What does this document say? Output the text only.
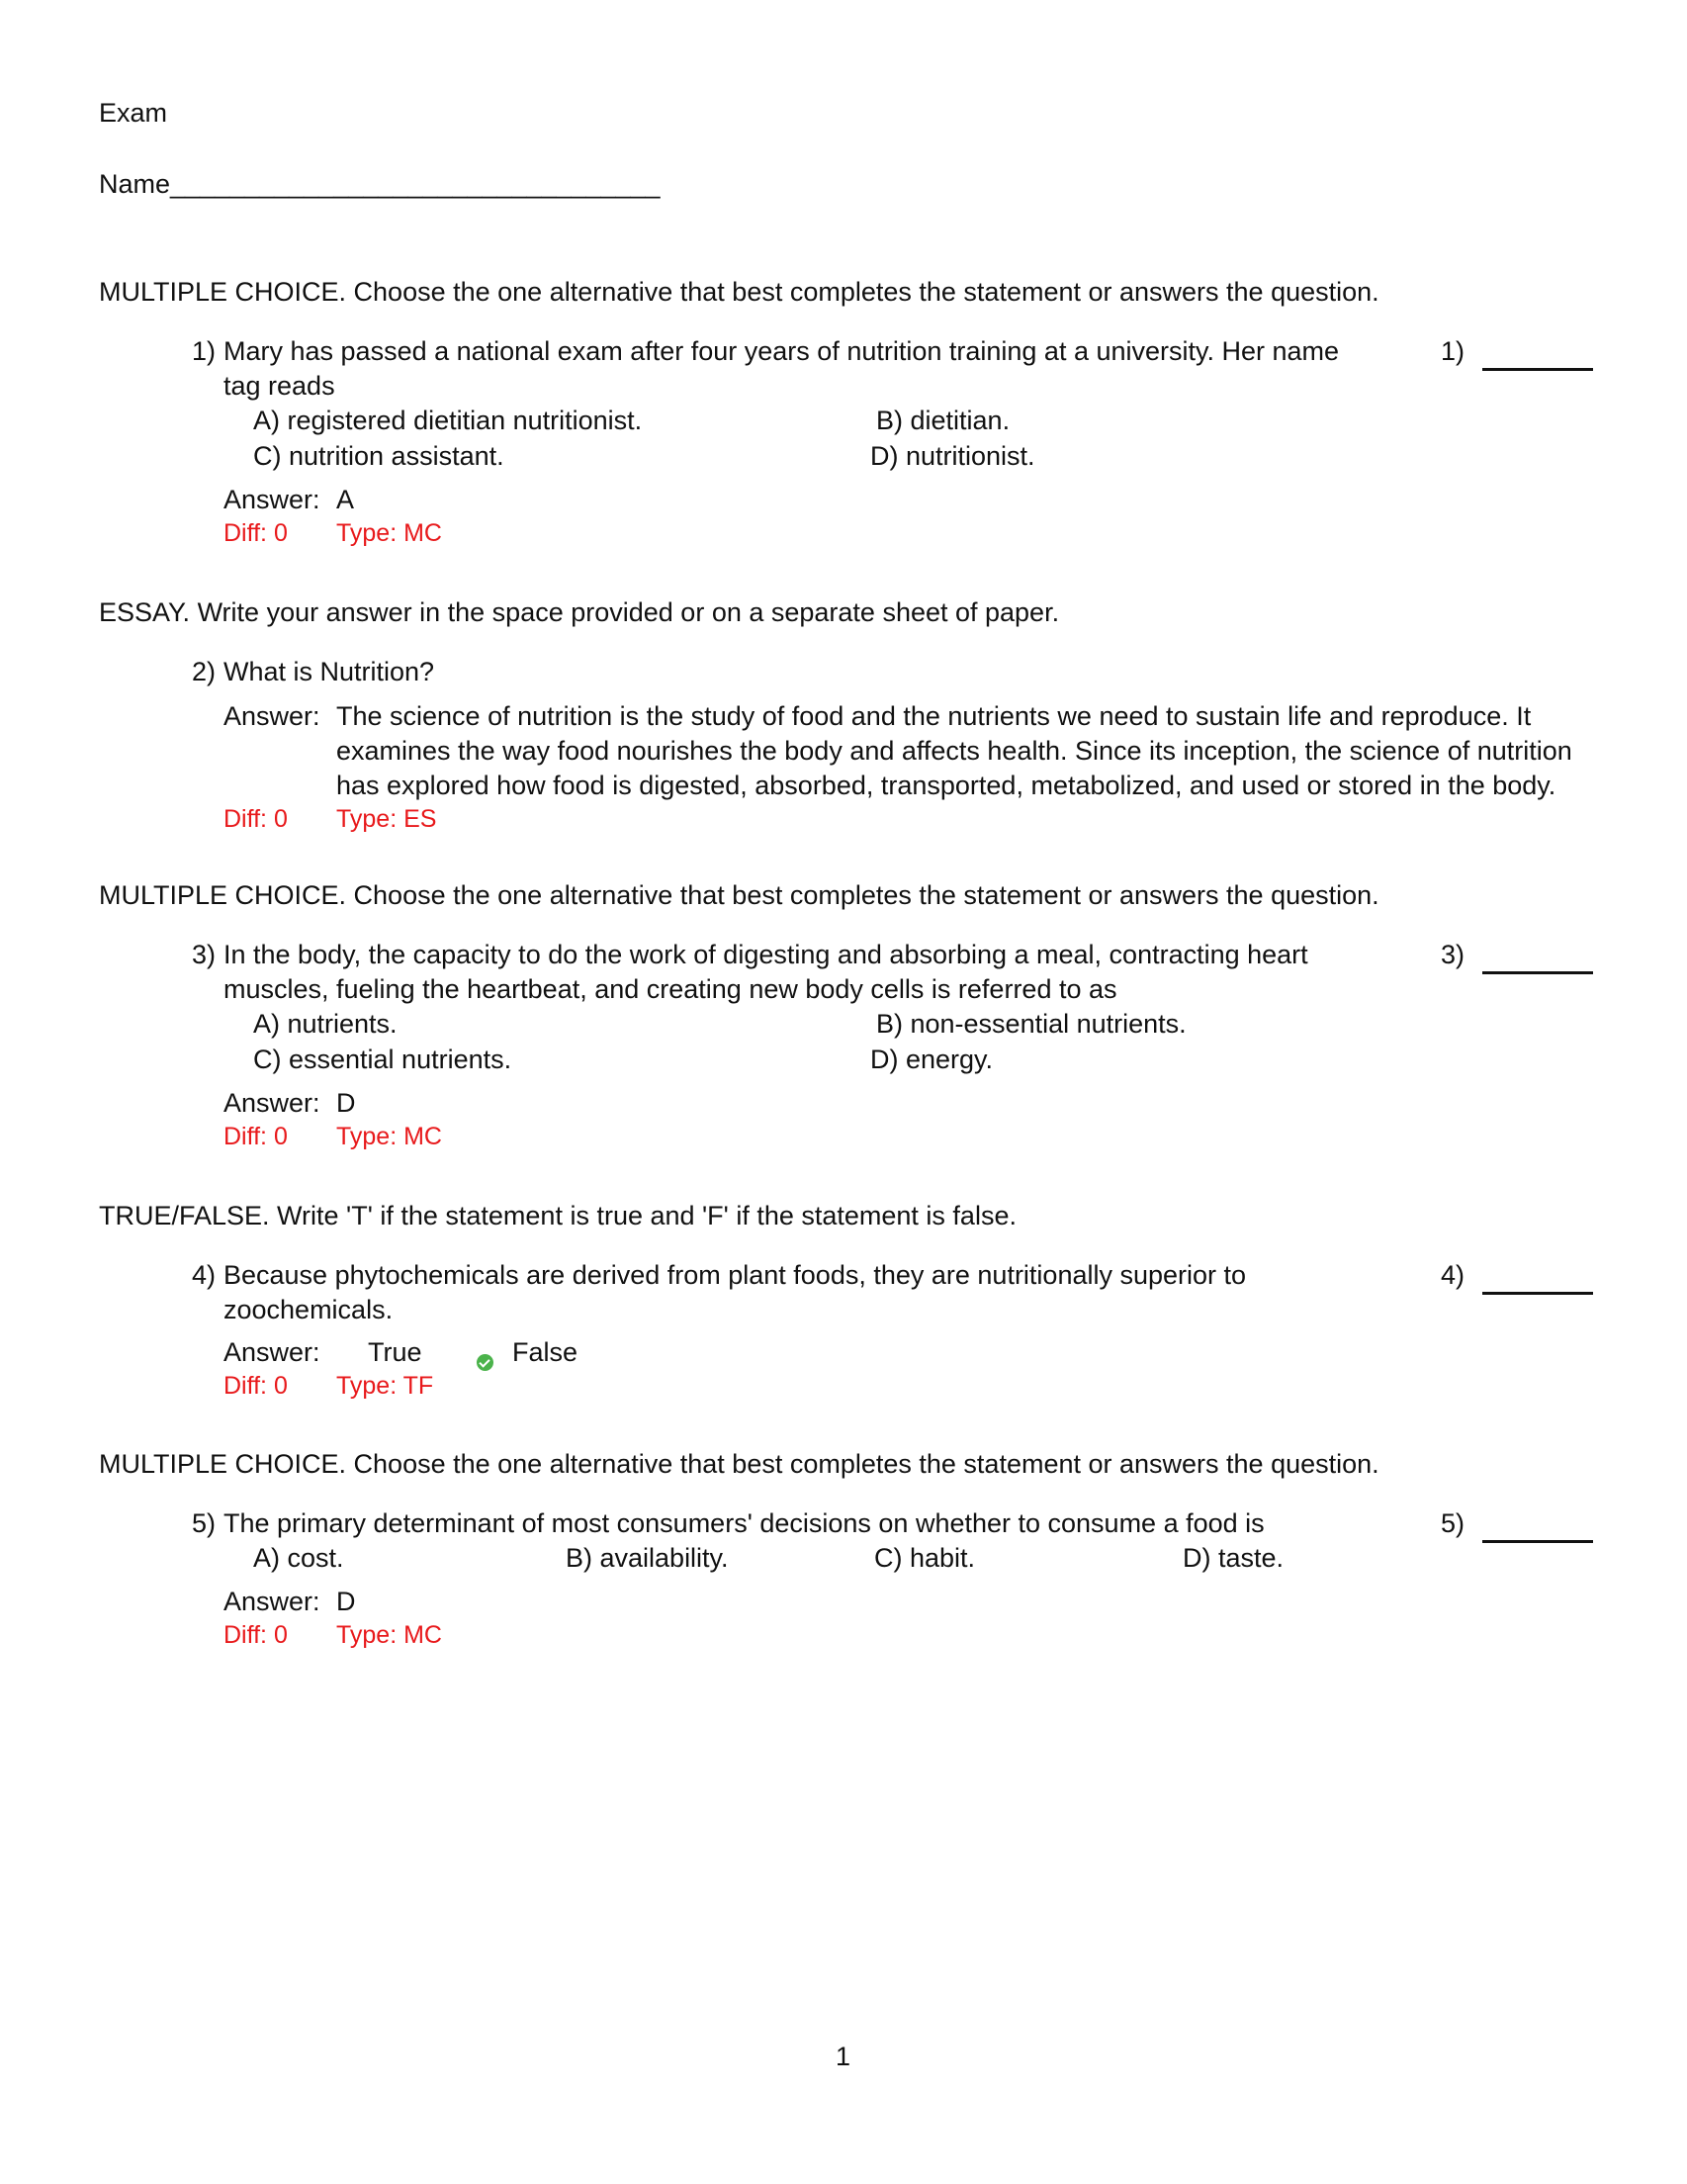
Exam
Name_________________________________
MULTIPLE CHOICE. Choose the one alternative that best completes the statement or answers the question.
1) Mary has passed a national exam after four years of nutrition training at a university. Her name
tag reads
1)
A) registered dietitian nutritionist.	B) dietitian.
C) nutrition assistant.	D) nutritionist.
Answer: A
Diff: 0 Type: MC
ESSAY. Write your answer in the space provided or on a separate sheet of paper.
2) What is Nutrition?
Answer: The science of nutrition is the study of food and the nutrients we need to sustain life and reproduce. It
examines the way food nourishes the body and affects health. Since its inception, the science of nutrition
has explored how food is digested, absorbed, transported, metabolized, and used or stored in the body.
Diff: 0 Type: ES
MULTIPLE CHOICE. Choose the one alternative that best completes the statement or answers the question.
3) In the body, the capacity to do the work of digesting and absorbing a meal, contracting heart
muscles, fueling the heartbeat, and creating new body cells is referred to as
3)
A) nutrients.	B) non-essential nutrients.
C) essential nutrients.	D) energy.
Answer: D
Diff: 0 Type: MC
TRUE/FALSE. Write 'T' if the statement is true and 'F' if the statement is false.
4) Because phytochemicals are derived from plant foods, they are nutritionally superior to
zoochemicals.
4)
Answer: True	False
Diff: 0 Type: TF
MULTIPLE CHOICE. Choose the one alternative that best completes the statement or answers the question.
5) The primary determinant of most consumers' decisions on whether to consume a food is	5)
A) cost.	B) availability.	C) habit.	D) taste.
Answer: D
Diff: 0 Type: MC
1
